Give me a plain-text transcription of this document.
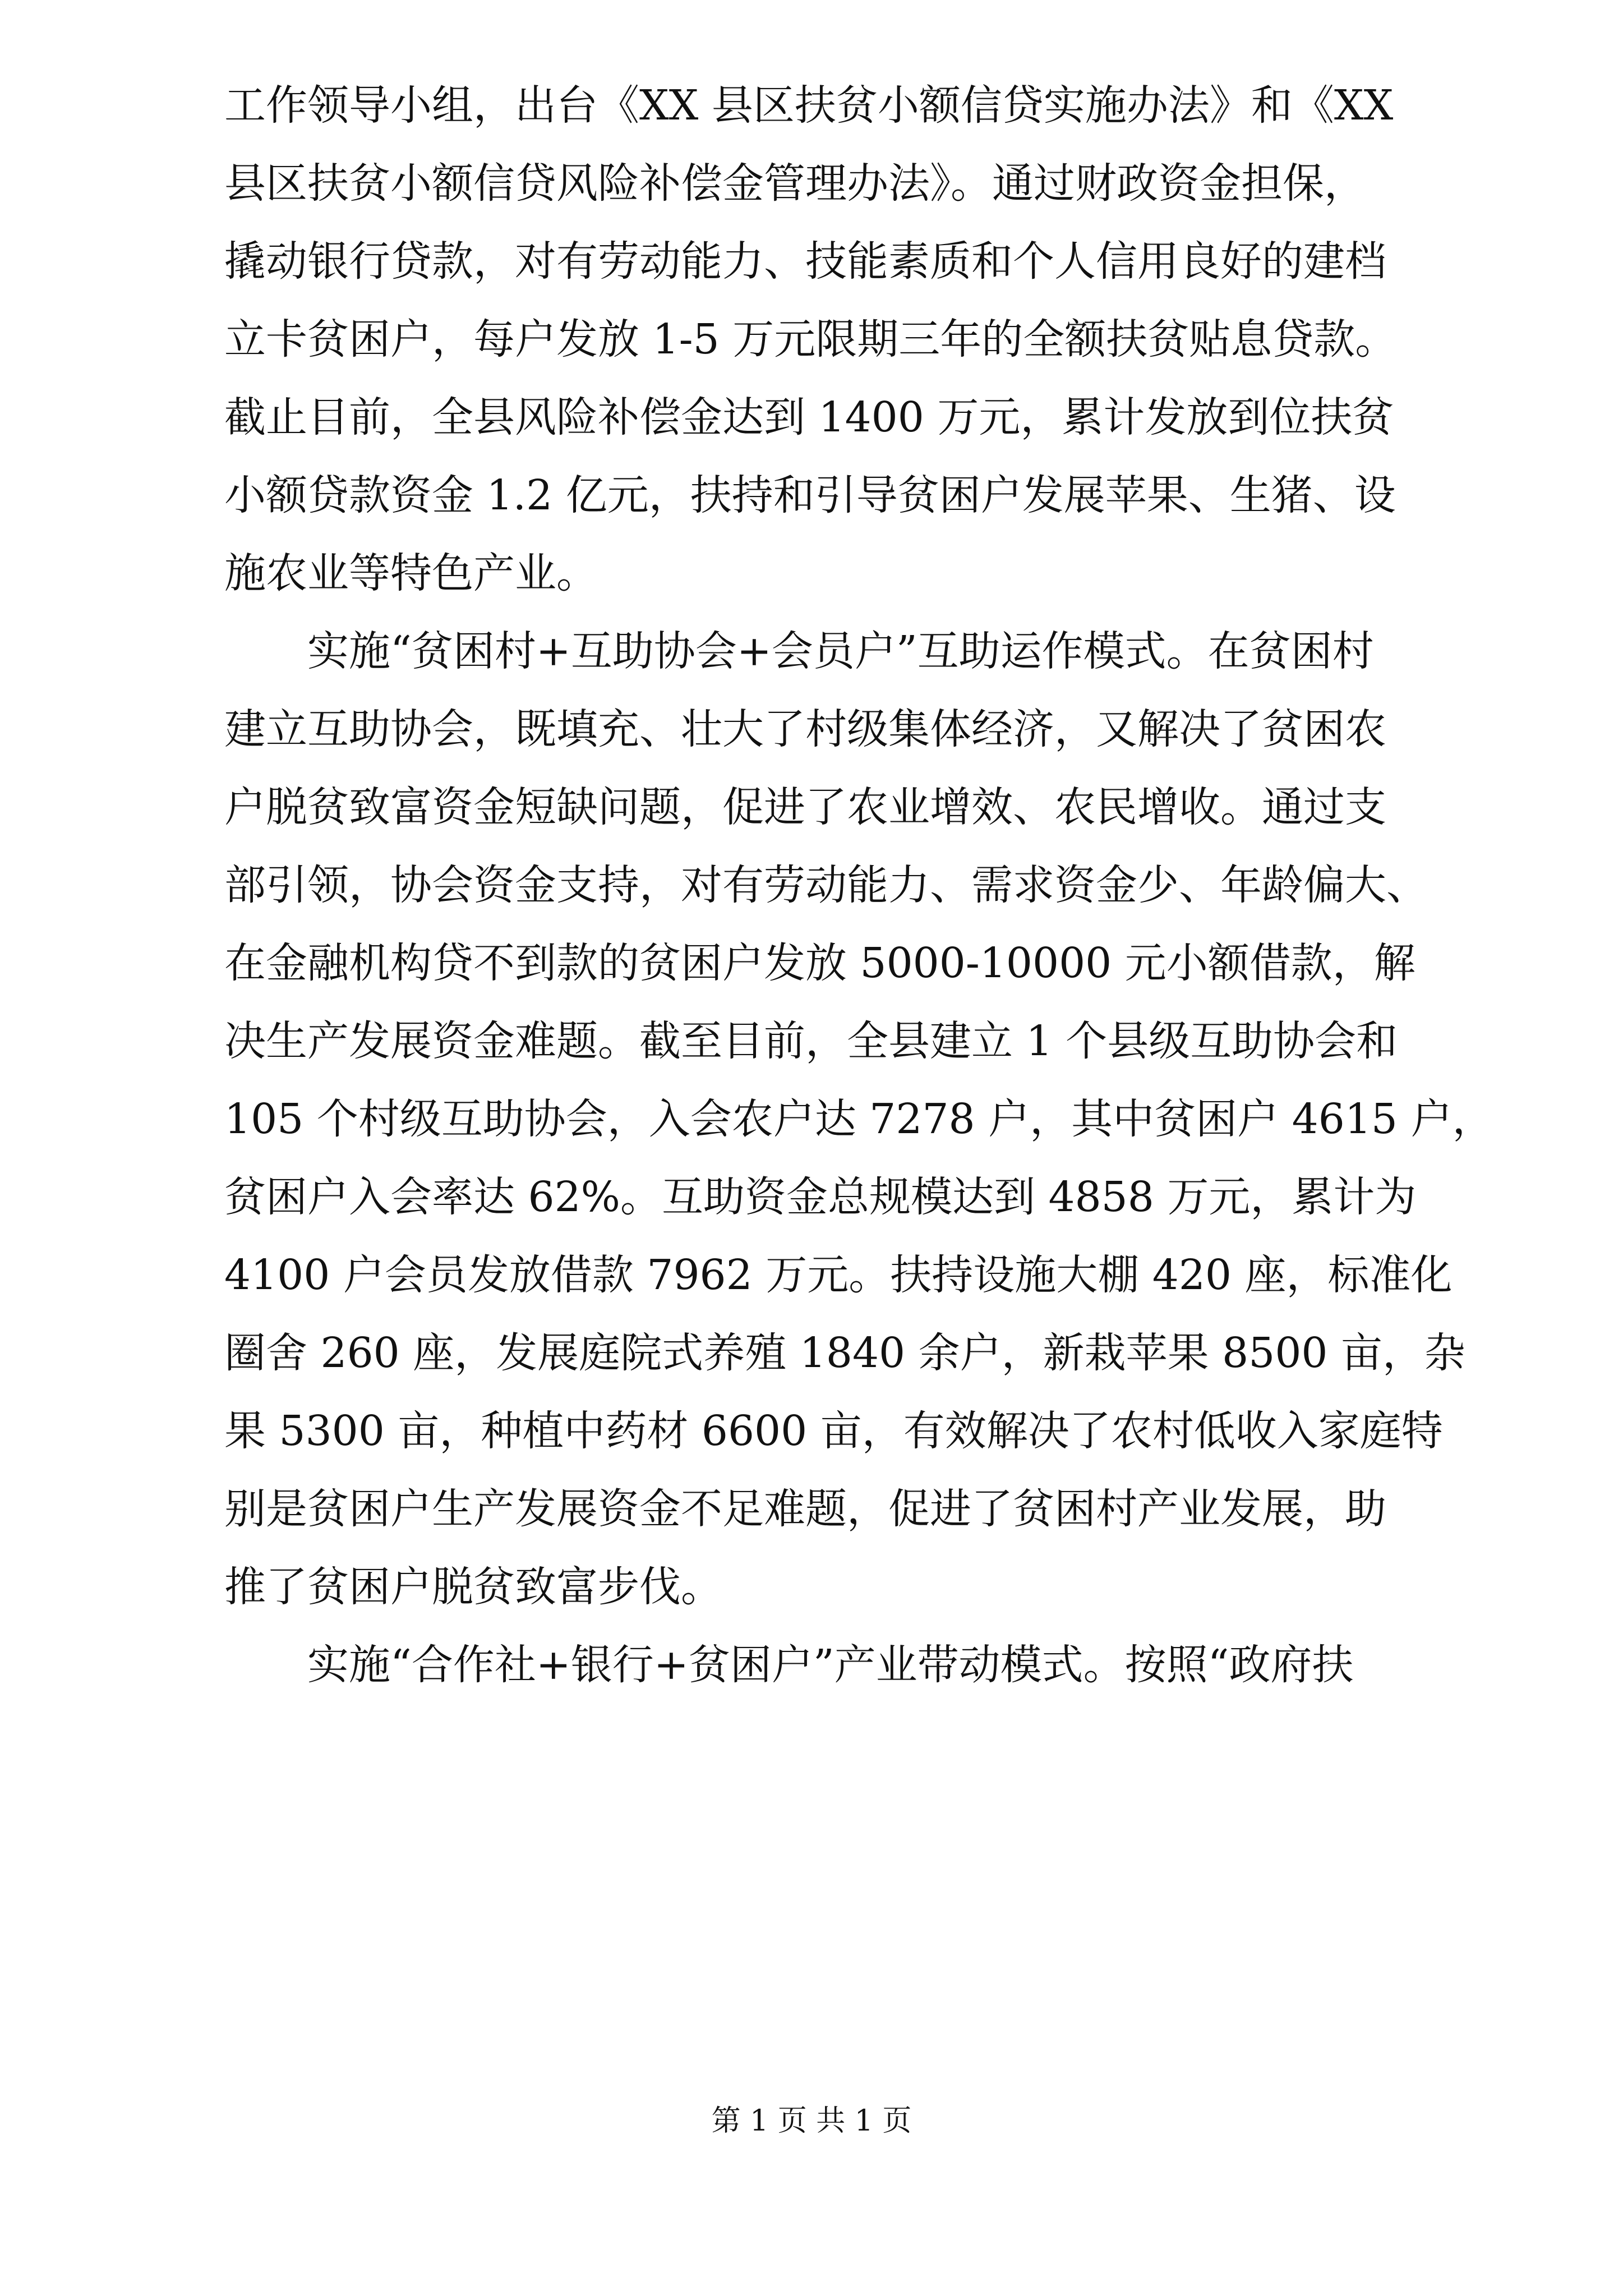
工作领导小组，出台《XX 县区扶贫小额信贷实施办法》和《XX
县区扶贫小额信贷风险补偿金管理办法》。通过财政资金担保，
撬动银行贷款，对有劳动能力、技能素质和个人信用良好的建档
立卡贫困户，每户发放 1-5 万元限期三年的全额扶贫贴息贷款。
截止目前，全县风险补偿金达到 1400 万元，累计发放到位扶贫
小额贷款资金 1.2 亿元，扶持和引导贫困户发展苹果、生猪、设
施农业等特色产业。
实施“贫困村+互助协会+会员户”互助运作模式。在贫困村
建立互助协会，既填充、壮大了村级集体经济，又解决了贫困农
户脱贫致富资金短缺问题，促进了农业增效、农民增收。通过支
部引领，协会资金支持，对有劳动能力、需求资金少、年龄偏大、
在金融机构贷不到款的贫困户发放 5000-10000 元小额借款，解
决生产发展资金难题。截至目前，全县建立 1 个县级互助协会和
105 个村级互助协会，入会农户达 7278 户，其中贫困户 4615 户，
贫困户入会率达 62%。互助资金总规模达到 4858 万元，累计为
4100 户会员发放借款 7962 万元。扶持设施大棚 420 座，标准化
圈舍 260 座，发展庭院式养殖 1840 余户，新栽苹果 8500 亩，杂
果 5300 亩，种植中药材 6600 亩，有效解决了农村低收入家庭特
别是贫困户生产发展资金不足难题，促进了贫困村产业发展，助
推了贫困户脱贫致富步伐。
实施“合作社+银行+贫困户”产业带动模式。按照“政府扶
第 1 页 共 1 页
